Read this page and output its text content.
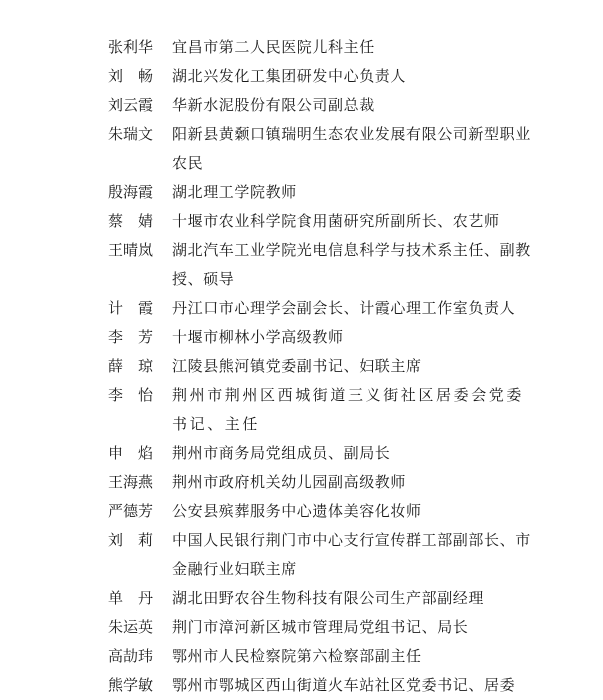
张利华	宜昌市第二人民医院儿科主任
刘畅 湖北兴发化工集团研发中心负责人
刘云霞	华新水泥股份有限公司副总裁
朱瑞文	阳新县黄颡口镇瑞明生态农业发展有限公司新型职业农民
殷海霞	湖北理工学院教师
蔡婧 十堰市农业科学院食用菌研究所副所长、农艺师
王晴岚	湖北汽车工业学院光电信息科学与技术系主任、副教授、硕导
计霞 丹江口市心理学会副会长、计霞心理工作室负责人
李芳 十堰市柳林小学高级教师
薛琼 江陵县熊河镇党委副书记、妇联主席
李怡 荆州市荆州区西城街道三义街社区居委会党委书记、主任
申焰 荆州市商务局党组成员、副局长
王海燕	荆州市政府机关幼儿园副高级教师
严德芳	公安县殡葬服务中心遗体美容化妆师
刘莉 中国人民银行荆门市中心支行宣传群工部副部长、市金融行业妇联主席
单丹 湖北田野农谷生物科技有限公司生产部副经理
朱运英	荆门市漳河新区城市管理局党组书记、局长
高劼玮	鄂州市人民检察院第六检察部副主任
熊学敏	鄂州市鄂城区西山街道火车站社区党委书记、居委
